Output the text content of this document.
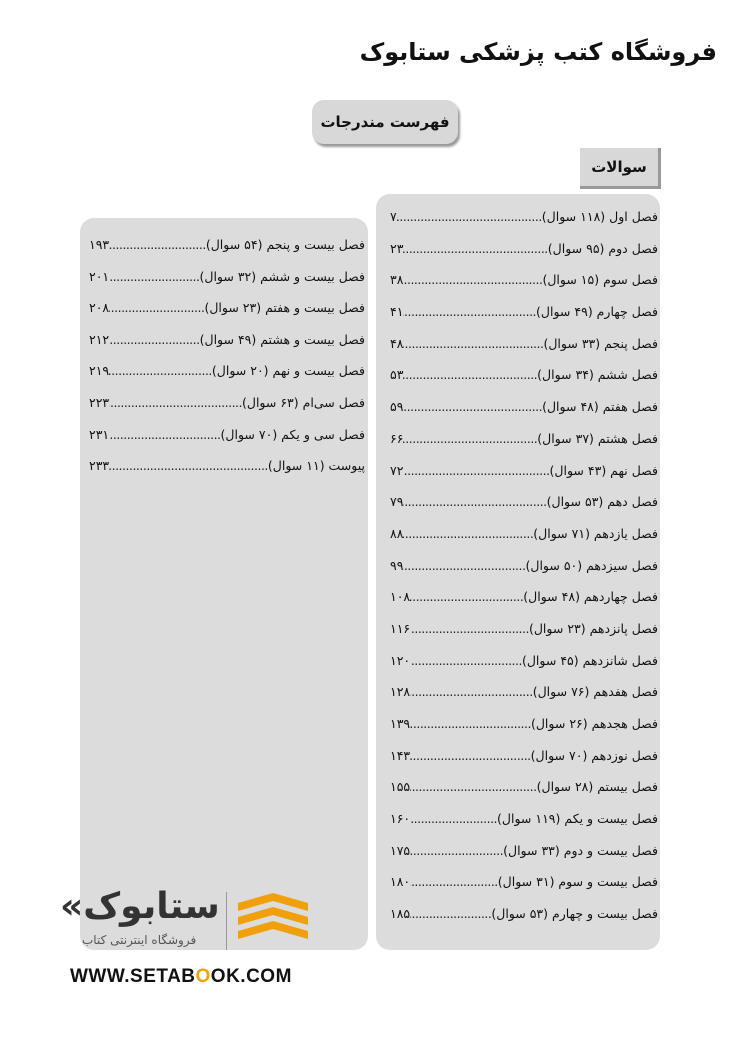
فروشگاه کتب پزشکی ستابوک
فهرست مندرجات
سوالات
فصل اول (۱۱۸ سوال)
.....
۷
فصل دوم (۹۵ سوال)
.....
۲۳
فصل سوم (۱۵ سوال)
.....
۳۸
فصل چهارم (۴۹ سوال)
.....
۴۱
فصل پنجم (۳۳ سوال)
.....
۴۸
فصل ششم (۳۴ سوال)
.....
۵۳
فصل هفتم (۴۸ سوال)
.....
۵۹
فصل هشتم (۳۷ سوال)
.....
۶۶
فصل نهم (۴۳ سوال)
.....
۷۲
فصل دهم (۵۳ سوال)
.....
۷۹
فصل یازدهم (۷۱ سوال)
.....
۸۸
فصل سیزدهم (۵۰ سوال)
.....
۹۹
فصل چهاردهم (۴۸ سوال)
.....
۱۰۸
فصل پانزدهم (۲۳ سوال)
.....
۱۱۶
فصل شانزدهم (۴۵ سوال)
.....
۱۲۰
فصل هفدهم (۷۶ سوال)
.....
۱۲۸
فصل هجدهم (۲۶ سوال)
.....
۱۳۹
فصل نوزدهم (۷۰ سوال)
.....
۱۴۳
فصل بیستم (۲۸ سوال)
.....
۱۵۵
فصل بیست و یکم (۱۱۹ سوال)
.....
۱۶۰
فصل بیست و دوم (۳۳ سوال)
.....
۱۷۵
فصل بیست و سوم (۳۱ سوال)
.....
۱۸۰
فصل بیست و چهارم (۵۳ سوال)
.....
۱۸۵
فصل بیست و پنجم (۵۴ سوال)
.....
۱۹۳
فصل بیست و ششم (۳۲ سوال)
.....
۲۰۱
فصل بیست و هفتم (۲۳ سوال)
.....
۲۰۸
فصل بیست و هشتم (۴۹ سوال)
.....
۲۱۲
فصل بیست و نهم (۲۰ سوال)
.....
۲۱۹
فصل سی‌ام (۶۳ سوال)
.....
۲۲۳
فصل سی و یکم (۷۰ سوال)
.....
۲۳۱
پیوست (۱۱ سوال)
.....
۲۳۳
«ستابوک
فروشگاه اینترنتی کتاب
WWW.SETABOOK.COM
